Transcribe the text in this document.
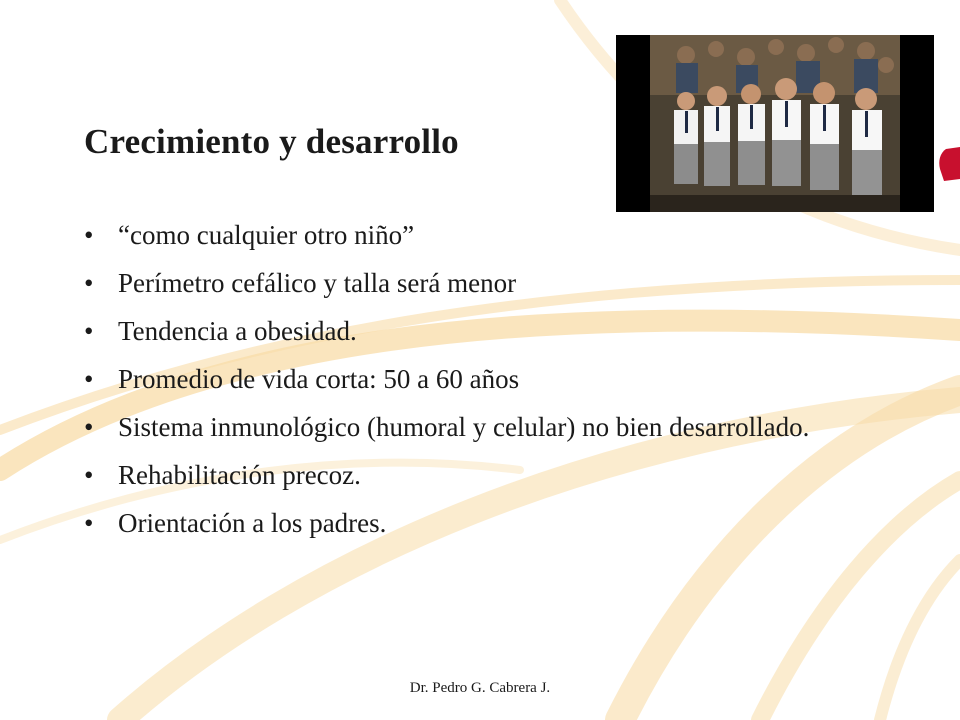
Crecimiento y desarrollo
• “como cualquier otro niño”
• Perímetro cefálico y talla será menor
• Tendencia a obesidad.
• Promedio de vida corta: 50 a 60 años
• Sistema inmunológico (humoral y celular) no bien desarrollado.
• Rehabilitación precoz.
• Orientación a los padres.
Dr. Pedro G. Cabrera J.
